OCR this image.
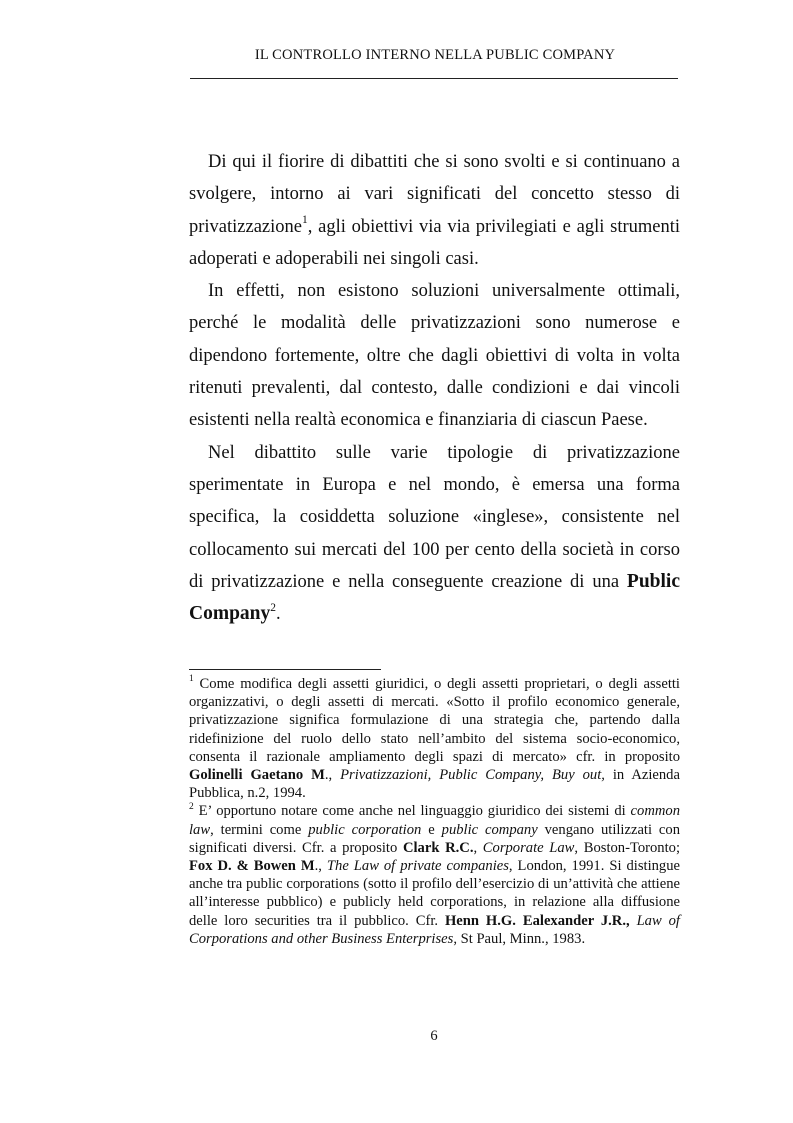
IL CONTROLLO INTERNO NELLA PUBLIC COMPANY

Di qui il fiorire di dibattiti che si sono svolti e si continuano a svolgere, intorno ai vari significati del concetto stesso di privatizzazione$^1$, agli obiettivi via via privilegiati e agli strumenti adoperati e adoperabili nei singoli casi.

In effetti, non esistono soluzioni universalmente ottimali, perché le modalità delle privatizzazioni sono numerose e dipendono fortemente, oltre che dagli obiettivi di volta in volta ritenuti prevalenti, dal contesto, dalle condizioni e dai vincoli esistenti nella realtà economica e finanziaria di ciascun Paese.

Nel dibattito sulle varie tipologie di privatizzazione sperimentate in Europa e nel mondo, è emersa una forma specifica, la cosiddetta soluzione «inglese», consistente nel collocamento sui mercati del 100 per cento della società in corso di privatizzazione e nella conseguente creazione di una Public Company$^2$.

$^1$ Come modifica degli assetti giuridici, o degli assetti proprietari, o degli assetti organizzativi, o degli assetti di mercati. «Sotto il profilo economico generale, privatizzazione significa formulazione di una strategia che, partendo dalla ridefinizione del ruolo dello stato nell’ambito del sistema socio-economico, consenta il razionale ampliamento degli spazi di mercato» cfr. in proposito Golinelli Gaetano M., Privatizzazioni, Public Company, Buy out, in Azienda Pubblica, n.2, 1994.

$^2$ E’ opportuno notare come anche nel linguaggio giuridico dei sistemi di common law, termini come public corporation e public company vengano utilizzati con significati diversi. Cfr. a proposito Clark R.C., Corporate Law, Boston-Toronto; Fox D. & Bowen M., The Law of private companies, London, 1991. Si distingue anche tra public corporations (sotto il profilo dell’esercizio di un’attività che attiene all’interesse pubblico) e publicly held corporations, in relazione alla diffusione delle loro securities tra il pubblico. Cfr. Henn H.G. Ealexander J.R., Law of Corporations and other Business Enterprises, St Paul, Minn., 1983.

6
